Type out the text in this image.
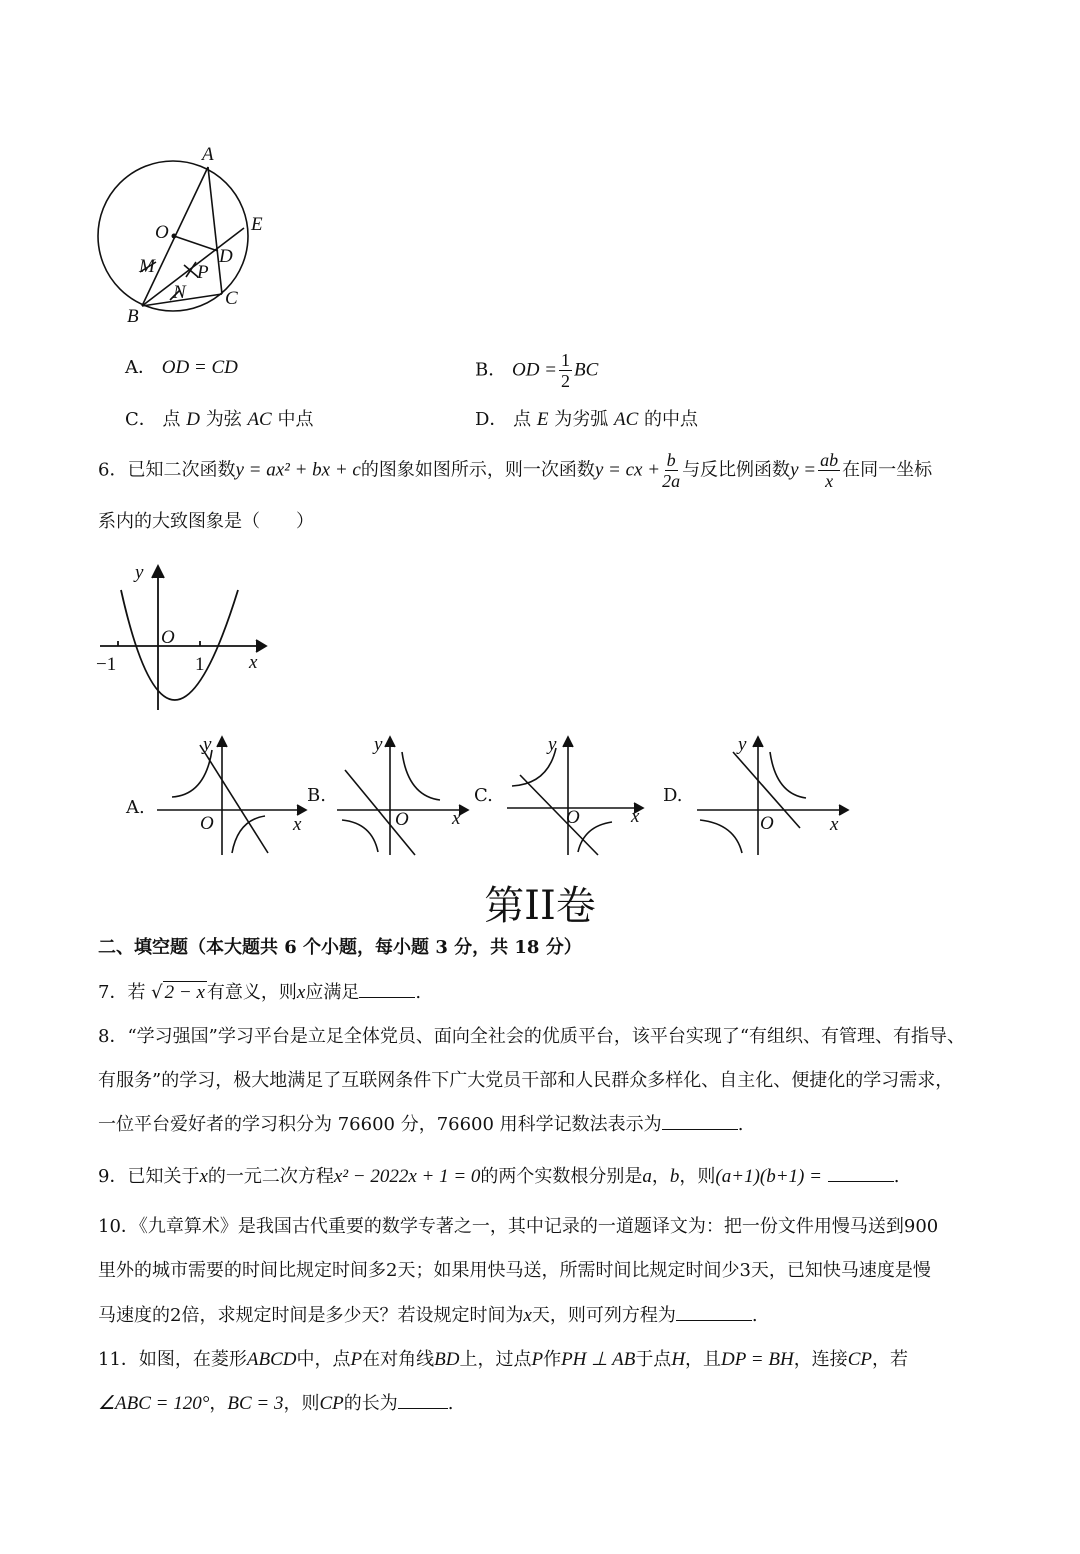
A
O	E
D
M P
N
B
C
y
O
−1	1 x
y
O	x
y
O x
y
O	x
y
O	x
A.
B.	C.	D.
A． OD = CD	B． OD = $\frac{1}{2}$ BC
C． 点 D 为弦 AC 中点	D． 点 E 为劣弧 AC 的中点
6．已知二次函数y = ax² + bx + c的图象如图所示，则一次函数y = cx + $\frac{b}{2a}$ 与反比例函数$y = \frac{ab}{x}$ 在同一坐标
系内的大致图象是（　　）
第II卷
二、填空题（本大题共 6 个小题，每小题 3 分，共 18 分）
7．若 √ 2 − x 有意义，则x应满足	.
8．“学习强国”学习平台是立足全体党员、面向全社会的优质平台，该平台实现了“有组织、有管理、有指导、
有服务”的学习，极大地满足了互联网条件下广大党员干部和人民群众多样化、自主化、便捷化的学习需求，
一位平台爱好者的学习积分为 76600 分，76600 用科学记数法表示为	.
9．已知关于x的一元二次方程x² − 2022x + 1 = 0的两个实数根分别是a，b，则(a+1)(b+1) =	.
10．《九章算术》是我国古代重要的数学专著之一，其中记录的一道题译文为：把一份文件用慢马送到900
里外的城市需要的时间比规定时间多2天；如果用快马送，所需时间比规定时间少3天，已知快马速度是慢
马速度的2倍，求规定时间是多少天？若设规定时间为x天，则可列方程为	.
11．如图，在菱形ABCD中，点P在对角线BD上，过点P作PH ⊥ AB于点H，且DP = BH，连接CP，若
∠ABC = 120°，BC = 3，则CP的长为	.
